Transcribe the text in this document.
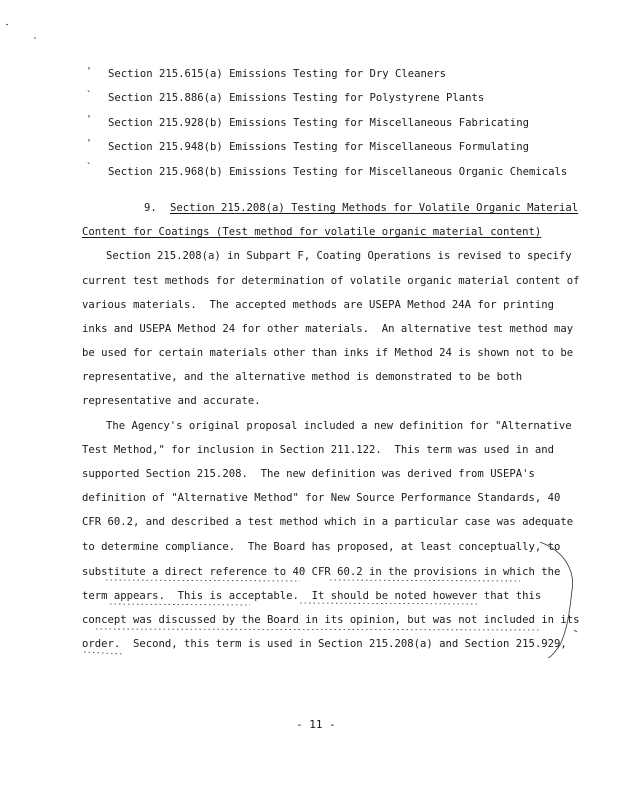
' Section 215.615(a) Emissions Testing for Dry Cleaners
` Section 215.886(a) Emissions Testing for Polystyrene Plants
' Section 215.928(b) Emissions Testing for Miscellaneous Fabricating
' Section 215.948(b) Emissions Testing for Miscellaneous Formulating
` Section 215.968(b) Emissions Testing for Miscellaneous Organic Chemicals
9. Section 215.208(a) Testing Methods for Volatile Organic Material
Content for Coatings (Test method for volatile organic material content)
Section 215.208(a) in Subpart F, Coating Operations is revised to specify
current test methods for determination of volatile organic material content of
various materials.  The accepted methods are USEPA Method 24A for printing
inks and USEPA Method 24 for other materials.  An alternative test method may
be used for certain materials other than inks if Method 24 is shown not to be
representative, and the alternative method is demonstrated to be both
representative and accurate.
The Agency's original proposal included a new definition for "Alternative
Test Method," for inclusion in Section 211.122.  This term was used in and
supported Section 215.208.  The new definition was derived from USEPA's
definition of "Alternative Method" for New Source Performance Standards, 40
CFR 60.2, and described a test method which in a particular case was adequate
to determine compliance.  The Board has proposed, at least conceptually, to
substitute a direct reference to 40 CFR 60.2 in the provisions in which the
term appears.  This is acceptable.  It should be noted however that this
concept was discussed by the Board in its opinion, but was not included in its
order.  Second, this term is used in Section 215.208(a) and Section 215.929,
- 11 -
